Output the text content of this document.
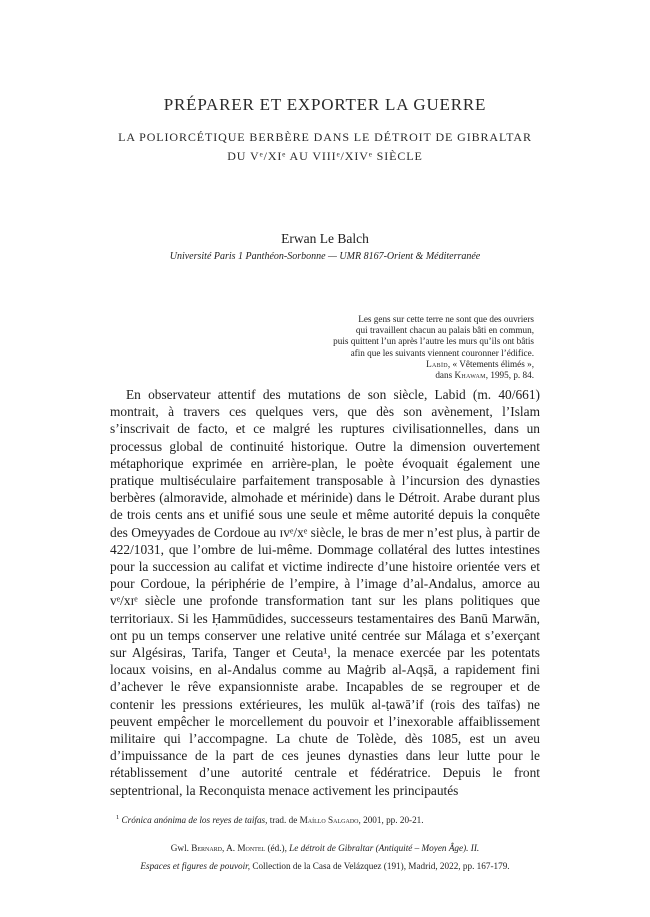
PRÉPARER ET EXPORTER LA GUERRE
LA POLIORCÉTIQUE BERBÈRE DANS LE DÉTROIT DE GIBRALTAR
DU Vᵉ/XIᵉ AU VIIIᵉ/XIVᵉ SIÈCLE
Erwan Le Balch
Université Paris 1 Panthéon-Sorbonne — UMR 8167-Orient & Méditerranée
Les gens sur cette terre ne sont que des ouvriers
qui travaillent chacun au palais bâti en commun,
puis quittent l’un après l’autre les murs qu’ils ont bâtis
afin que les suivants viennent couronner l’édifice.
Labīd, « Vêtements élimés »,
dans Khawam, 1995, p. 84.

En observateur attentif des mutations de son siècle, Labid (m. 40/661) montrait, à travers ces quelques vers, que dès son avènement, l’Islam s’inscrivait de facto, et ce malgré les ruptures civilisationnelles, dans un processus global de continuité historique. Outre la dimension ouvertement métaphorique exprimée en arrière-plan, le poète évoquait également une pratique multiséculaire parfaitement transposable à l’incursion des dynasties berbères (almoravide, almohade et mérinide) dans le Détroit. Arabe durant plus de trois cents ans et unifié sous une seule et même autorité depuis la conquête des Omeyyades de Cordoue au ɪvᵉ/xᵉ siècle, le bras de mer n’est plus, à partir de 422/1031, que l’ombre de lui-même. Dommage collatéral des luttes intestines pour la succession au califat et victime indirecte d’une histoire orientée vers et pour Cordoue, la périphérie de l’empire, à l’image d’al-Andalus, amorce au vᵉ/xɪᵉ siècle une profonde transformation tant sur les plans politiques que territoriaux. Si les Ḥammūdides, successeurs testamentaires des Banū Marwān, ont pu un temps conserver une relative unité centrée sur Málaga et s’exerçant sur Algésiras, Tarifa, Tanger et Ceuta¹, la menace exercée par les potentats locaux voisins, en al-Andalus comme au Maġrib al-Aqṣā, a rapidement fini d’achever le rêve expansionniste arabe. Incapables de se regrouper et de contenir les pressions extérieures, les mulūk al-ṭawā’if (rois des taïfas) ne peuvent empêcher le morcellement du pouvoir et l’inexorable affaiblissement militaire qui l’accompagne. La chute de Tolède, dès 1085, est un aveu d’impuissance de la part de ces jeunes dynasties dans leur lutte pour le rétablissement d’une autorité centrale et fédératrice. Depuis le front septentrional, la Reconquista menace activement les principautés

$^1$ Crónica anónima de los reyes de taifas, trad. de Maíllo Salgado, 2001, pp. 20-21.
Gwl. Bernard, A. Montel (éd.), Le détroit de Gibraltar (Antiquité – Moyen Âge). II.
Espaces et figures de pouvoir, Collection de la Casa de Velázquez (191), Madrid, 2022, pp. 167-179.
